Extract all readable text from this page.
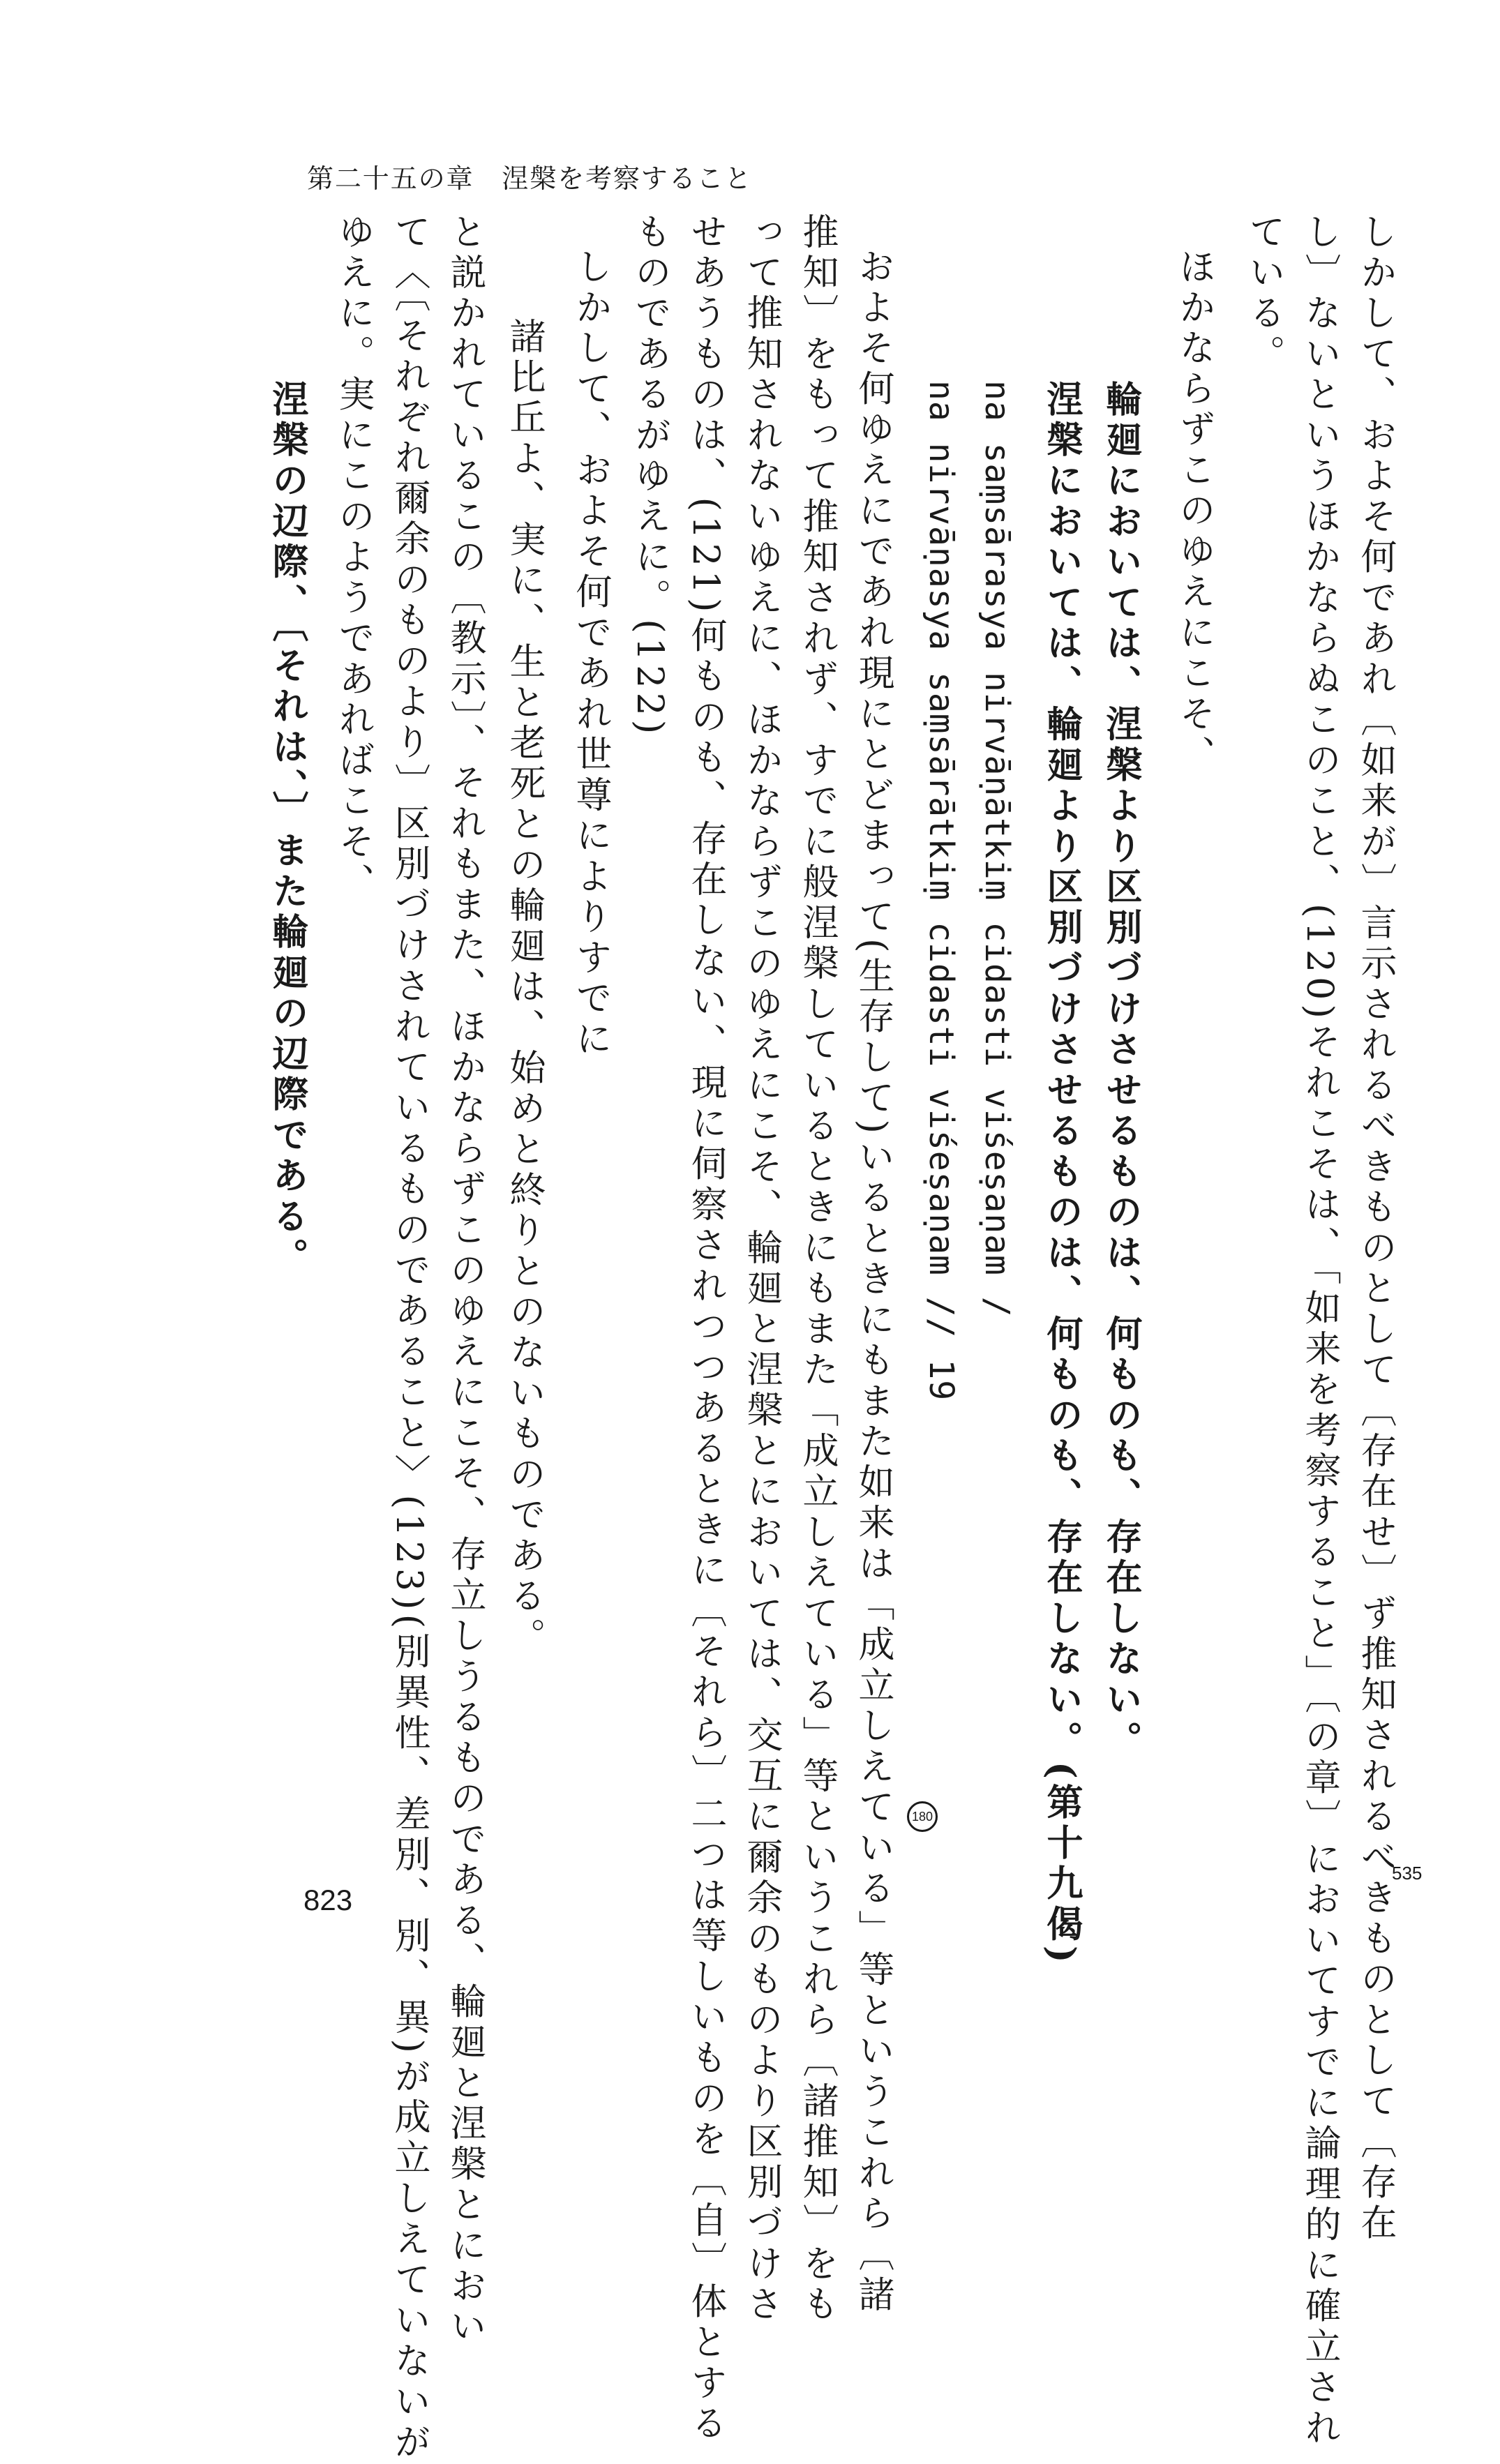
第二十五の章　涅槃を考察すること
535
180	しかして、およそ何であれ〔如来が〕言示されるべきものとして〔存在せ〕ず推知されるべきものとして〔存在
し〕ないというほかならぬこのこと、(120)それこそは、「如来を考察すること」〔の章〕においてすでに論理的に確立され
ている。
ほかならずこのゆえにこそ、
輪廻においては、涅槃より区別づけさせるものは、何ものも、存在しない。
涅槃においては、輪廻より区別づけさせるものは、何ものも、存在しない。(第十九偈)
na saṃsārasya nirvāṇātkiṃ cidasti viśeṣaṇam /
na nirvāṇasya saṃsārātkiṃ cidasti viśeṣaṇam // 19
およそ何ゆえにであれ現にとどまって(生存して)いるときにもまた如来は「成立しえている」等というこれら〔諸
推知〕をもって推知されず、すでに般涅槃しているときにもまた「成立しえている」等というこれら〔諸推知〕をも
って推知されないゆえに、ほかならずこのゆえにこそ、輪廻と涅槃とにおいては、交互に爾余のものより区別づけさ
せあうものは、(121)何ものも、存在しない、現に伺察されつつあるときに〔それら〕二つは等しいものを〔自〕体とする
ものであるがゆえに。(122)
しかして、およそ何であれ世尊によりすでに
諸比丘よ、実に、生と老死との輪廻は、始めと終りとのないものである。
と説かれているこの〔教示〕、それもまた、ほかならずこのゆえにこそ、存立しうるものである、輪廻と涅槃とにおい
て〈〔それぞれ爾余のものより〕区別づけされているものであること〉(123)(別異性、差別、別、異)が成立しえていないが
ゆえに。実にこのようであればこそ、
涅槃の辺際、〔それは、〕また輪廻の辺際である。
823
